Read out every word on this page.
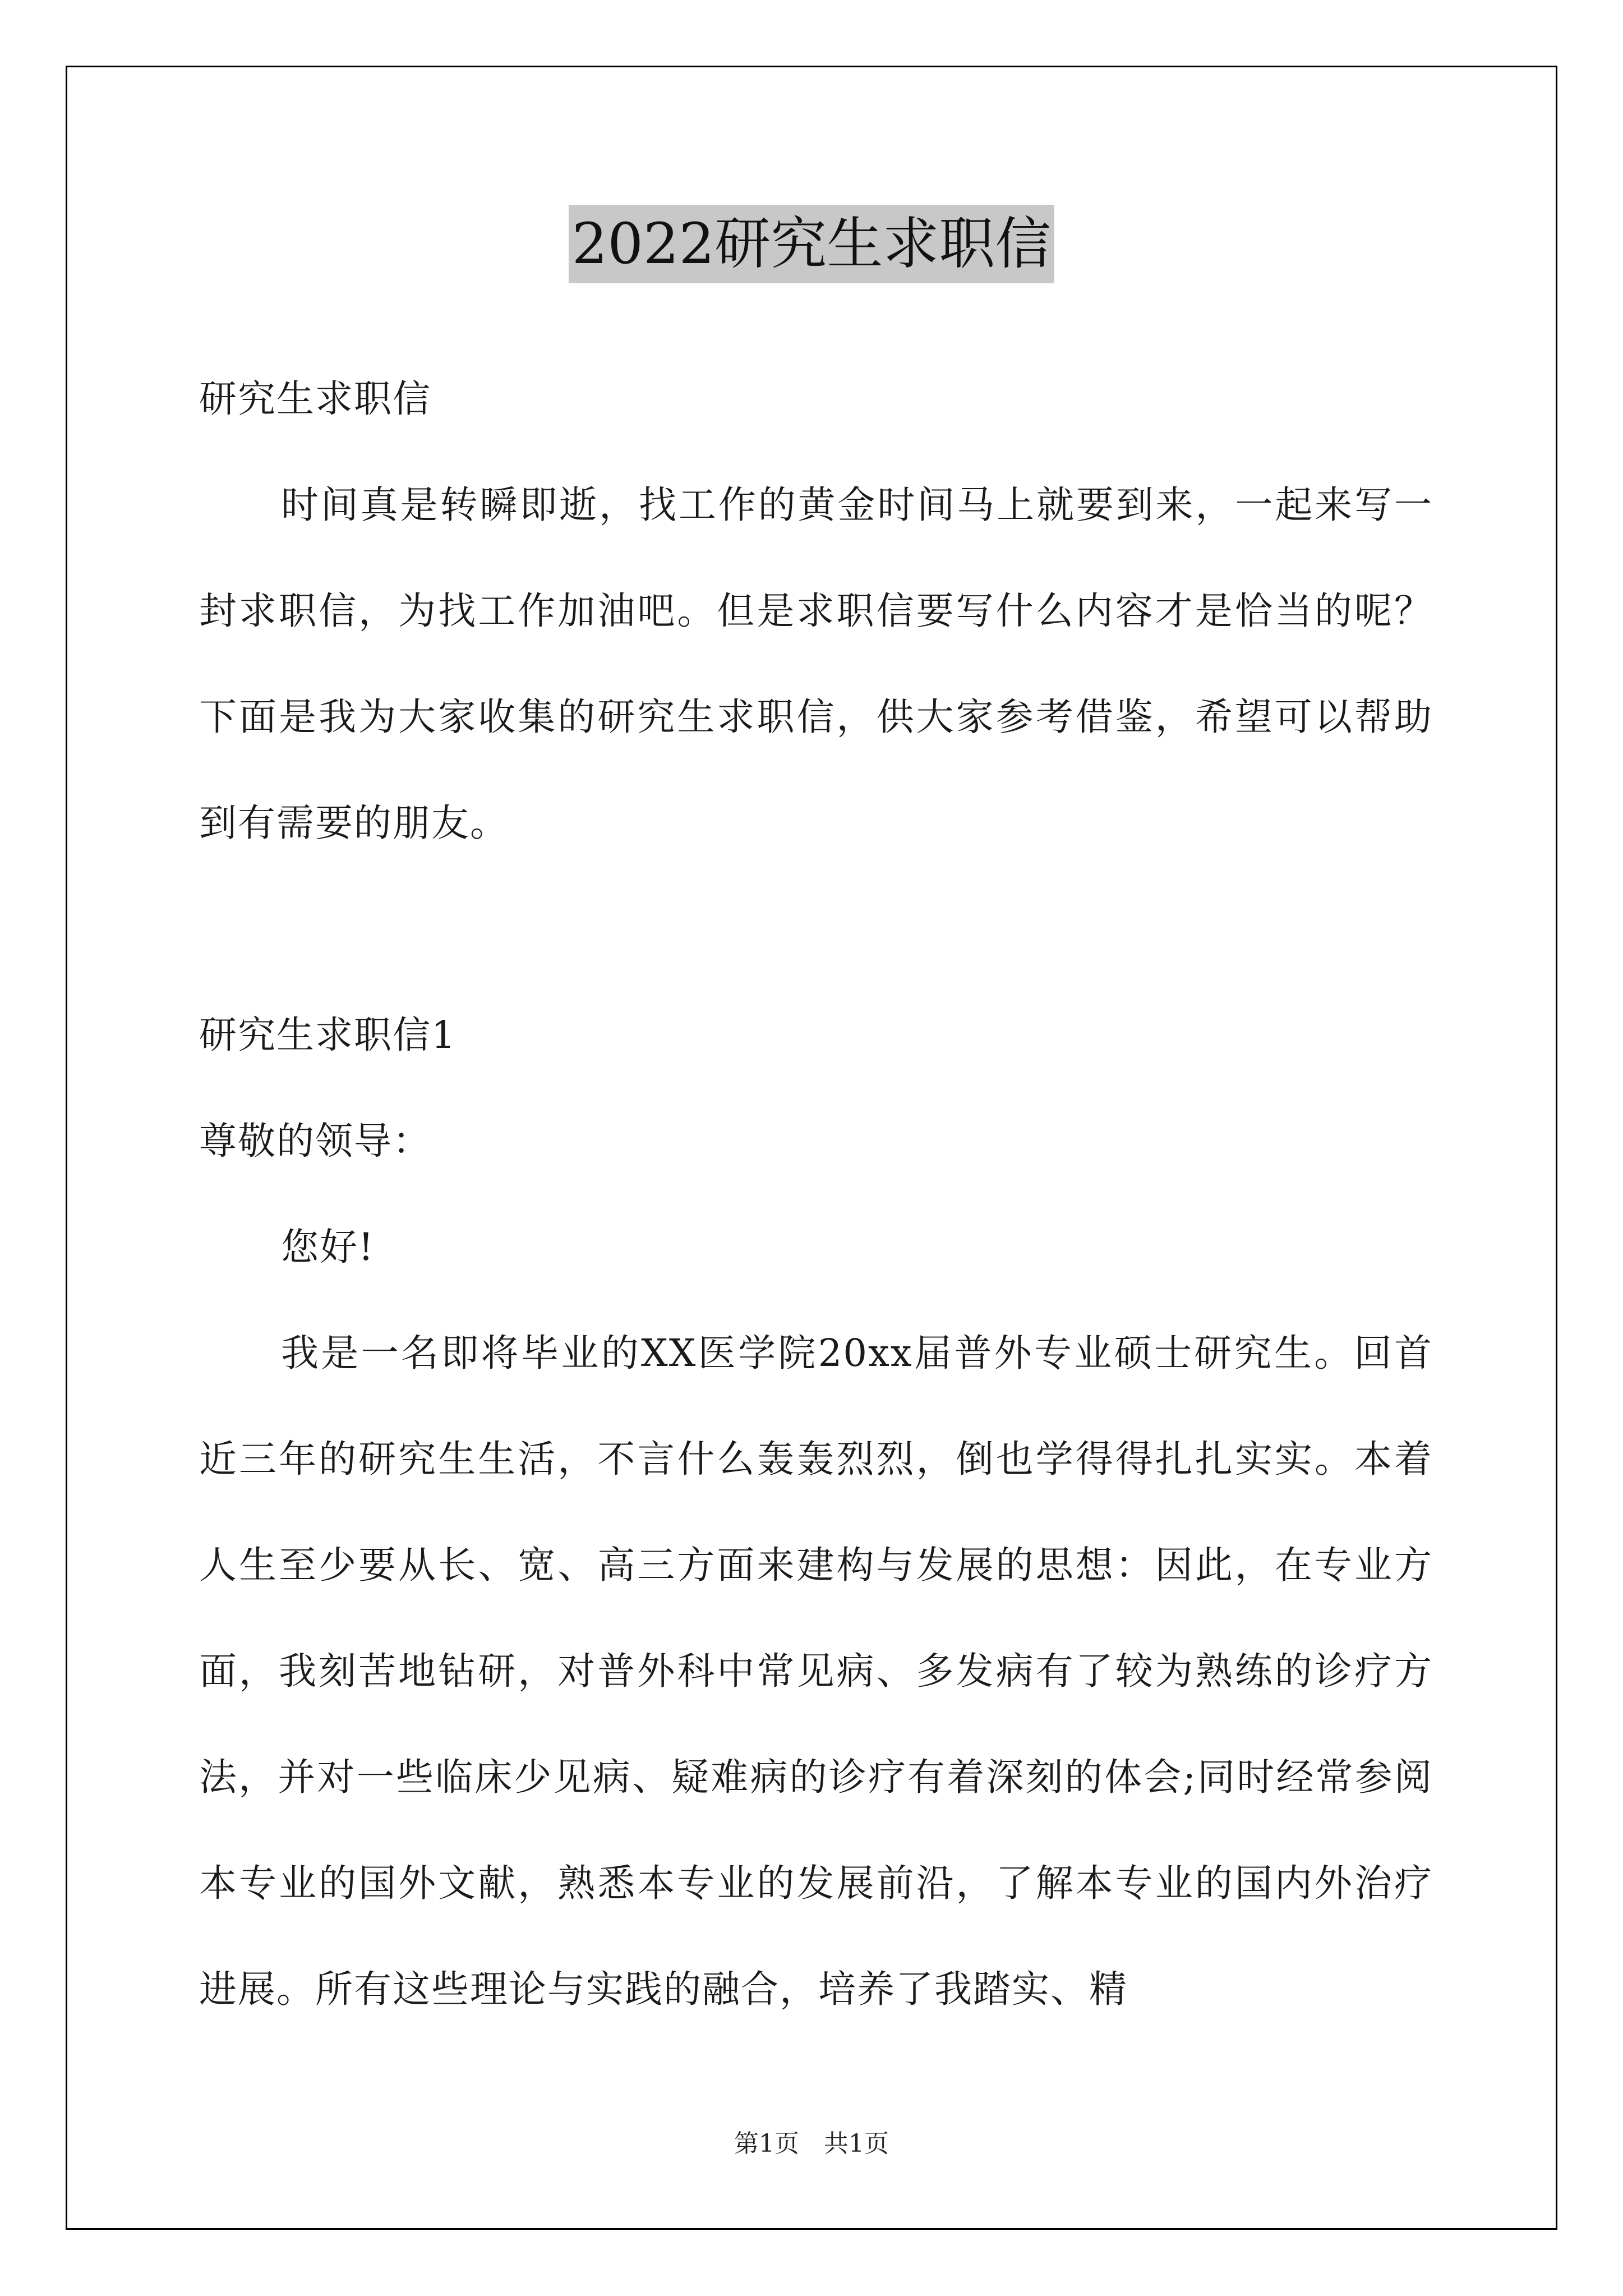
2022研究生求职信

研究生求职信

时间真是转瞬即逝，找工作的黄金时间马上就要到来，一起来写一封求职信，为找工作加油吧。但是求职信要写什么内容才是恰当的呢？下面是我为大家收集的研究生求职信，供大家参考借鉴，希望可以帮助到有需要的朋友。

研究生求职信1

尊敬的领导：

您好!

我是一名即将毕业的XX医学院20xx届普外专业硕士研究生。回首近三年的研究生生活，不言什么轰轰烈烈，倒也学得得扎扎实实。本着人生至少要从长、宽、高三方面来建构与发展的思想：因此，在专业方面，我刻苦地钻研，对普外科中常见病、多发病有了较为熟练的诊疗方法，并对一些临床少见病、疑难病的诊疗有着深刻的体会;同时经常参阅本专业的国外文献，熟悉本专业的发展前沿，了解本专业的国内外治疗进展。所有这些理论与实践的融合，培养了我踏实、精

第1页　共1页
